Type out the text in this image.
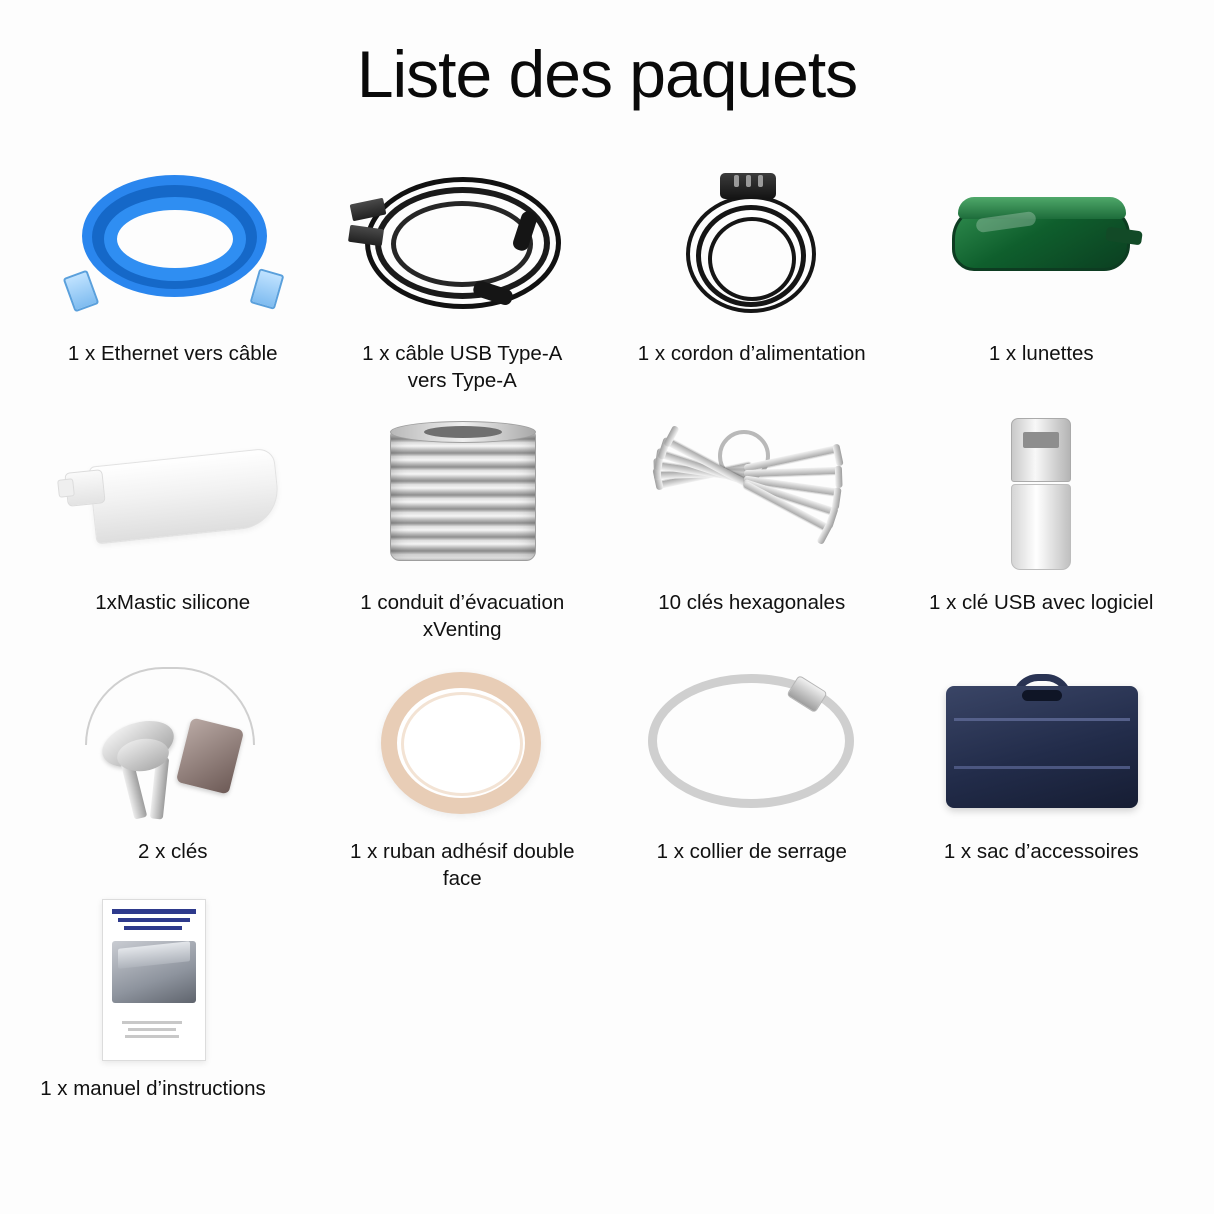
Liste des paquets
1 x Ethernet vers câble	1 x câble USB Type-A vers Type-A
1 x cordon d’alimentation	1 x lunettes
1xMastic silicone	1 conduit d’évacuation xVenting
10 clés hexagonales	1 x clé USB avec logiciel
2 x clés	1 x ruban adhésif double face
1 x collier de serrage	1 x sac d’accessoires
1 x manuel d’instructions
